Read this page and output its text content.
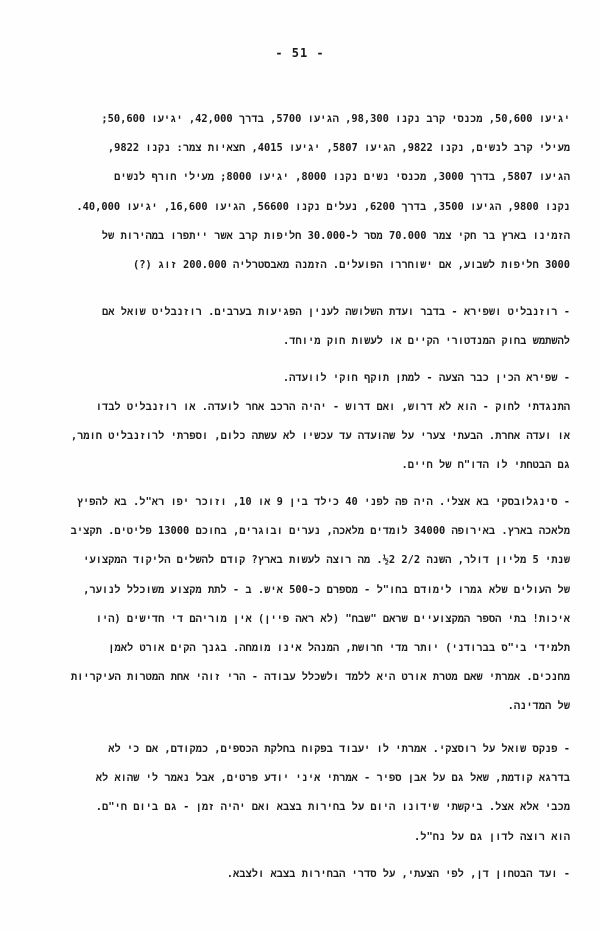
- 51 -
יגיעו 50,600, מכנסי קרב נקנו 98,300, הגיעו 5700, בדרך 42,000, יגיעו 50,600;
מעילי קרב לנשים, נקנו 9822, הגיעו 5807, יגיעו 4015, חצאיות צמר: נקנו 9822,
הגיעו 5807, בדרך 3000, מכנסי נשים נקנו 8000, יגיעו 8000; מעילי חורף לנשים
נקנו 9800, הגיעו 3500, בדרך 6200, נעלים נקנו 56600, הגיעו 16,600, יגיעו 40,000.
הזמינו בארץ בר חקי צמר 70.000 מסר ל-30.000 חליפות קרב אשר ייתפרו במהירות של
3000 חליפות לשבוע, אם ישוחררו הפועלים. הזמנה מאבסטרליה 200.000 זוג (?)
- רוזנבליט ושפירא - בדבר ועדת השלושה לענין הפגיעות בערבים. רוזנבליט שואל אם
להשתמש בחוק המנדטורי הקיים או לעשות חוק מיוחד.
- שפירא הכין כבר הצעה - למתן תוקף חוקי לוועדה.
התנגדתי לחוק - הוא לא דרוש, ואם דרוש - יהיה הרכב אחר לועדה. או רוזנבליט לבדו
או ועדה אחרת. הבעתי צערי על שהועדה עד עכשיו לא עשתה כלום, וספרתי לרוזנבליט חומר,
גם הבטחתי לו הדו"ח של חיים.
- סינגלובסקי בא אצלי. היה פה לפני 40 כילד בין 9 או 10, וזוכר יפו רא"ל. בא להפיץ
מלאכה בארץ. באירופה 34000 לומדים מלאכה, נערים ובוגרים, בחוכם 13000 פליטים. תקציב
שנתי 5 מליון דולר, השנה 2/2 2½. מה רוצה לעשות בארץ? קודם להשלים הליקוד המקצועי
של העולים שלא גמרו לימודם בחו"ל - מספרם כ-500 איש. ב - לתת מקצוע משוכלל לנוער,
איכות! בתי הספר המקצועיים שראם "שבח" (לא ראה פיין) אין מוריהם די חדישים (היו
תלמידי בי"ס בברודני) יותר מדי חרושת, המנהל אינו מומחה. בגנך הקים אורט לאמן
מחנכים. אמרתי שאם מטרת אורט היא ללמד ולשכלל עבודה - הרי זוהי אחת המטרות העיקריות
של המדינה.
- פנקס שואל על רוסצקי. אמרתי לו יעבוד בפקוח בחלקת הכספים, כמקודם, אם כי לא
בדרגא קודמת, שאל גם על אבן ספיר - אמרתי איני יודע פרטים, אבל נאמר לי שהוא לא
מכבי אלא אצל. ביקשתי שידונו היום על בחירות בצבא ואם יהיה זמן - גם ביום חי"ם.
הוא רוצה לדון גם על נח"ל.
- ועד הבטחון דן, לפי הצעתי, על סדרי הבחירות בצבא ולצבא.
